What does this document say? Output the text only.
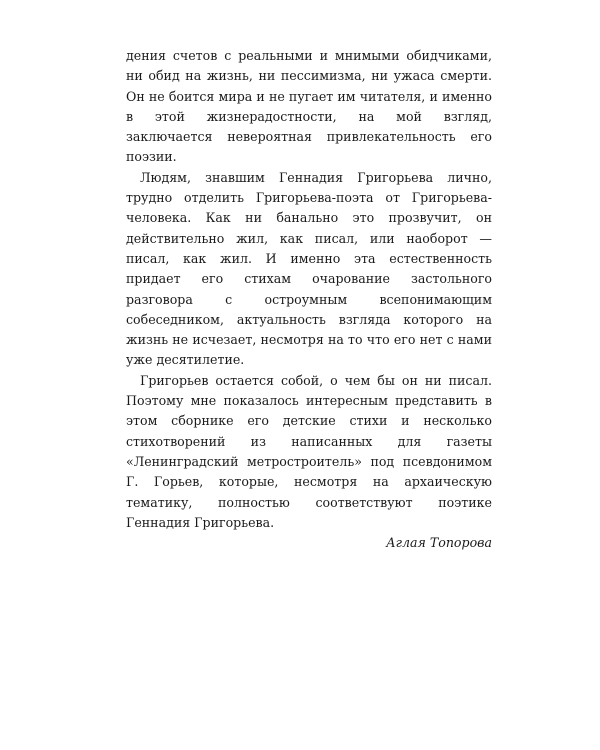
дения счетов с реальными и мнимыми обидчиками, ни обид на жизнь, ни пессимизма, ни ужаса смерти. Он не боится мира и не пугает им читателя, и именно в этой жизнерадостности, на мой взгляд, заключается невероятная привлекательность его поэзии.

Людям, знавшим Геннадия Григорьева лично, трудно отделить Григорьева-поэта от Григорьева-человека. Как ни банально это прозвучит, он действительно жил, как писал, или наоборот — писал, как жил. И именно эта естественность придает его стихам очарование застольного разговора с остроумным всепонимающим собеседником, актуальность взгляда которого на жизнь не исчезает, несмотря на то что его нет с нами уже десятилетие.

Григорьев остается собой, о чем бы он ни писал. Поэтому мне показалось интересным представить в этом сборнике его детские стихи и несколько стихотворений из написанных для газеты «Ленинградский метростроитель» под псевдонимом Г. Горьев, которые, несмотря на архаическую тематику, полностью соответствуют поэтике Геннадия Григорьева.

Аглая Топорова
